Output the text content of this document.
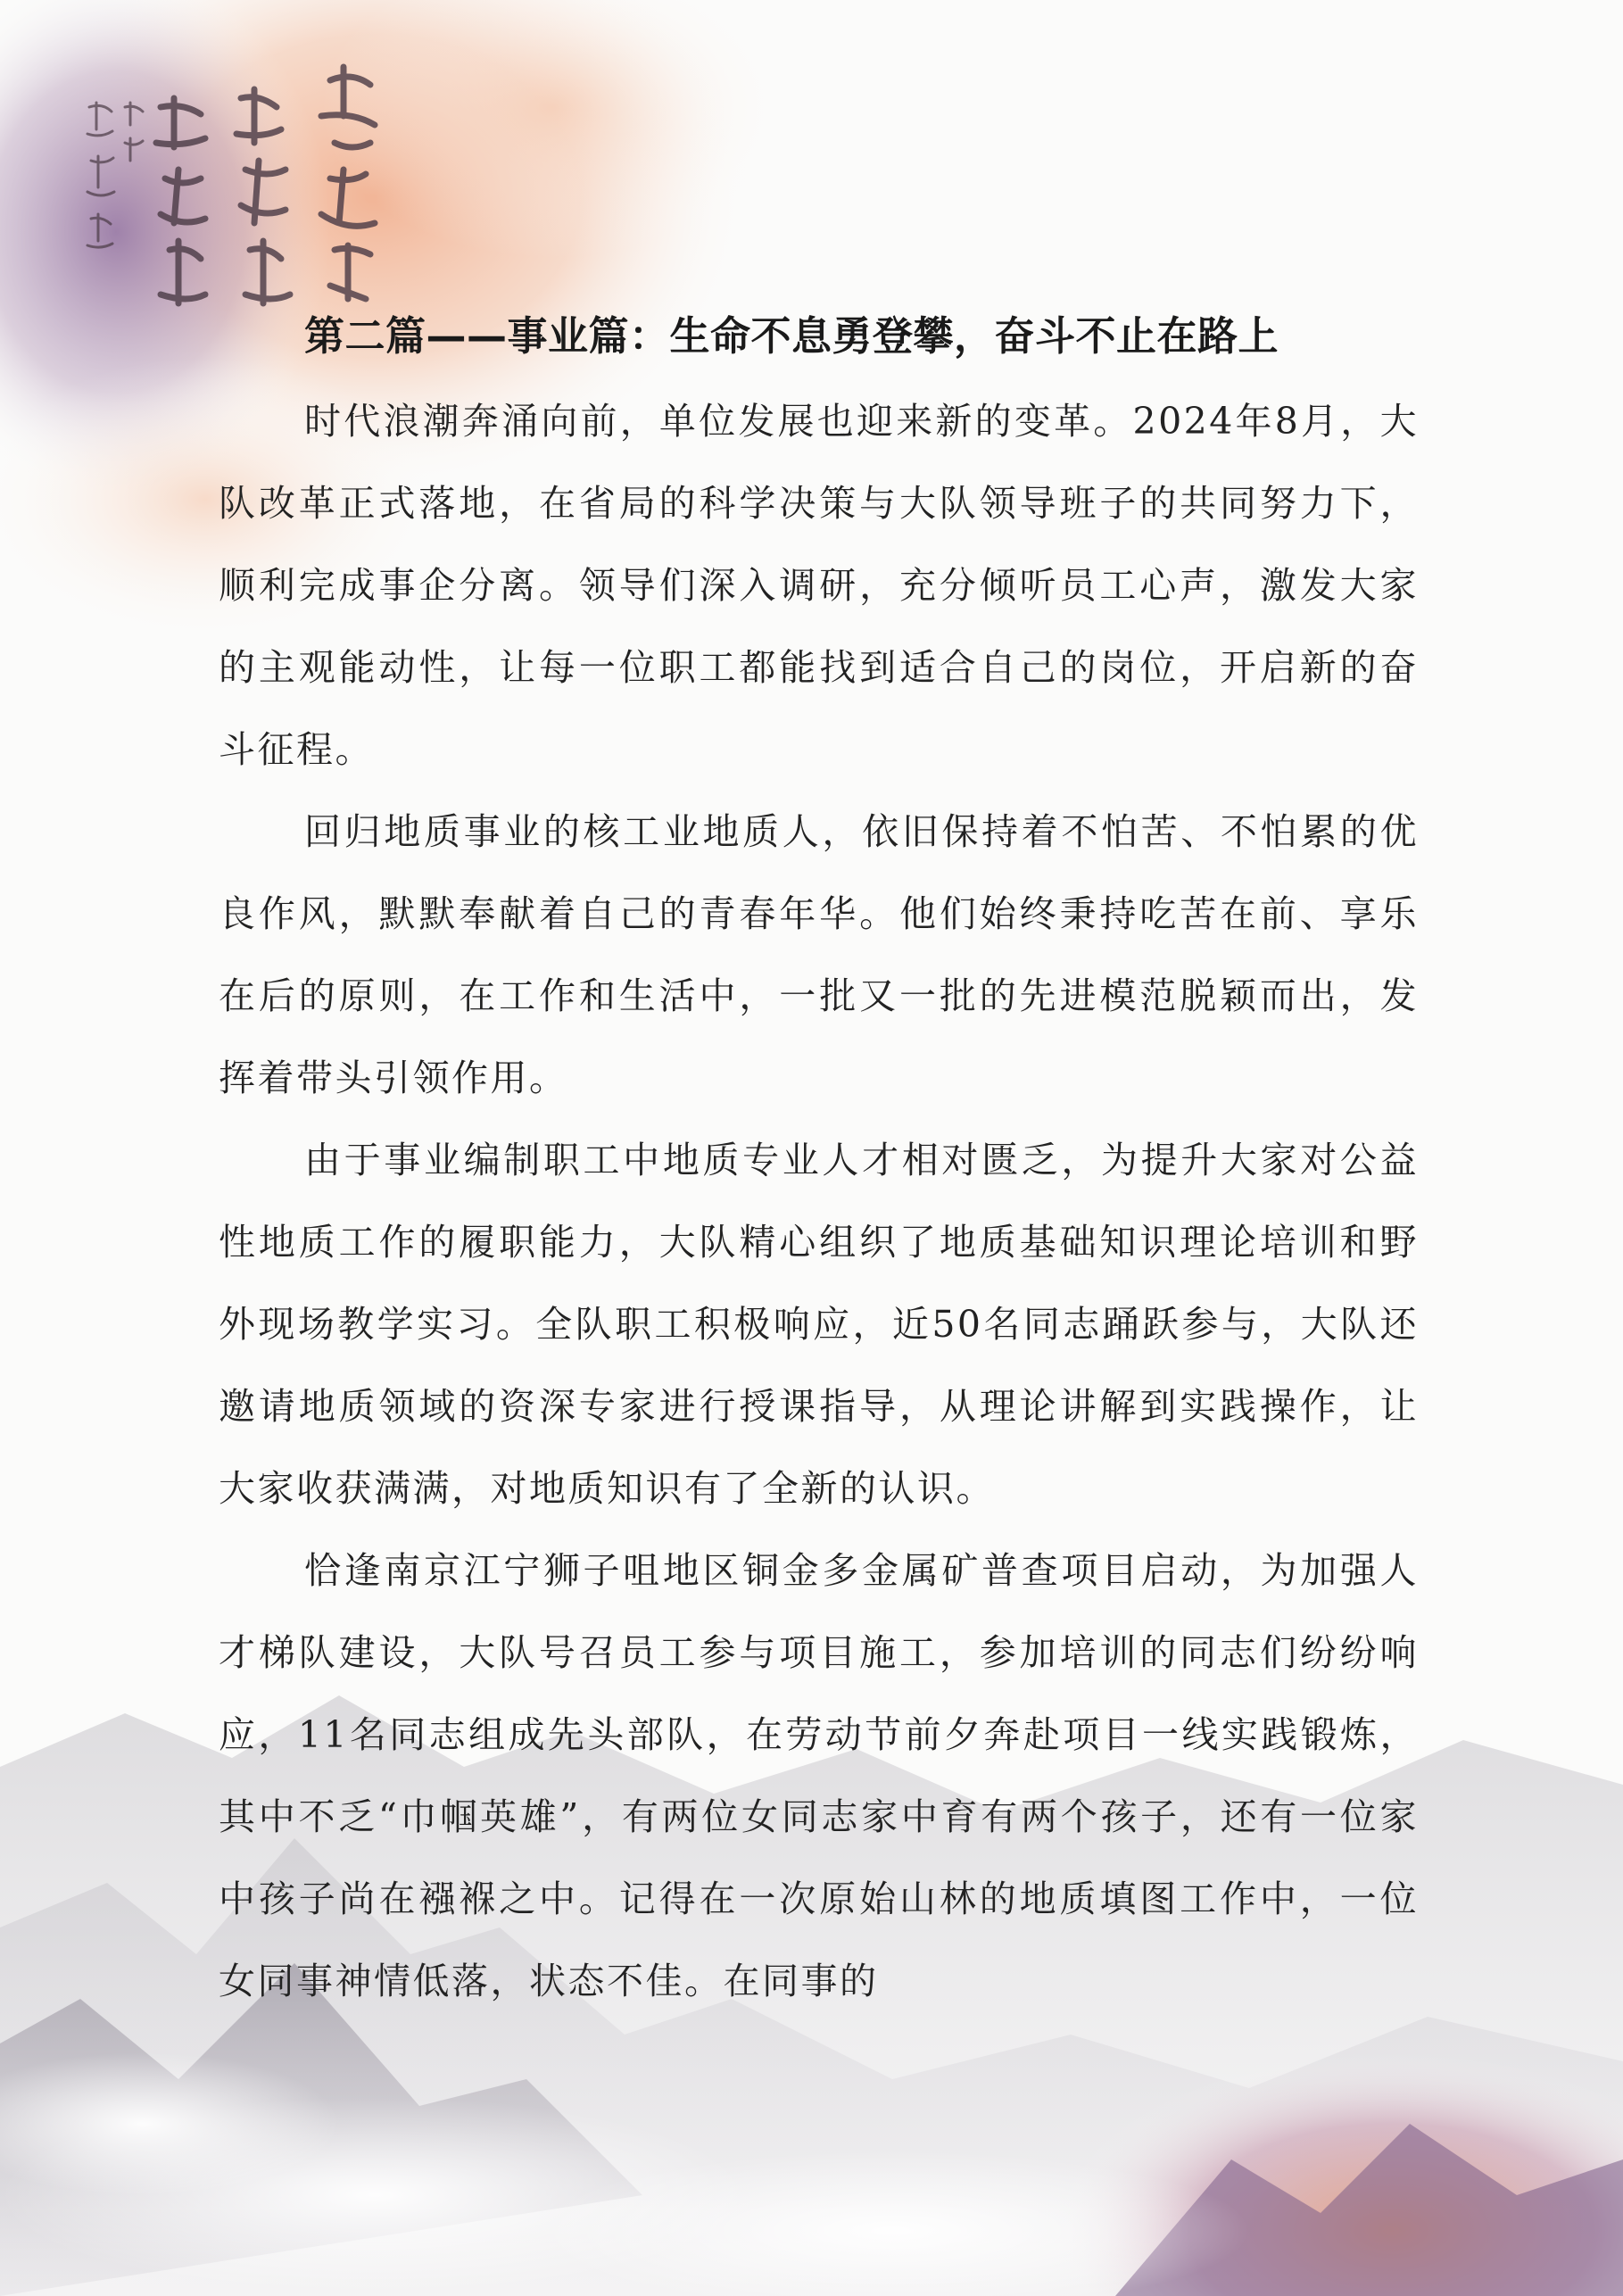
第二篇——事业篇：生命不息勇登攀，奋斗不止在路上

时代浪潮奔涌向前，单位发展也迎来新的变革。2024年8月，大队改革正式落地，在省局的科学决策与大队领导班子的共同努力下，顺利完成事企分离。领导们深入调研，充分倾听员工心声，激发大家的主观能动性，让每一位职工都能找到适合自己的岗位，开启新的奋斗征程。

回归地质事业的核工业地质人，依旧保持着不怕苦、不怕累的优良作风，默默奉献着自己的青春年华。他们始终秉持吃苦在前、享乐在后的原则，在工作和生活中，一批又一批的先进模范脱颖而出，发挥着带头引领作用。

由于事业编制职工中地质专业人才相对匮乏，为提升大家对公益性地质工作的履职能力，大队精心组织了地质基础知识理论培训和野外现场教学实习。全队职工积极响应，近50名同志踊跃参与，大队还邀请地质领域的资深专家进行授课指导，从理论讲解到实践操作，让大家收获满满，对地质知识有了全新的认识。

恰逢南京江宁狮子咀地区铜金多金属矿普查项目启动，为加强人才梯队建设，大队号召员工参与项目施工，参加培训的同志们纷纷响应，11名同志组成先头部队，在劳动节前夕奔赴项目一线实践锻炼，其中不乏“巾帼英雄”，有两位女同志家中育有两个孩子，还有一位家中孩子尚在襁褓之中。记得在一次原始山林的地质填图工作中，一位女同事神情低落，状态不佳。在同事的
